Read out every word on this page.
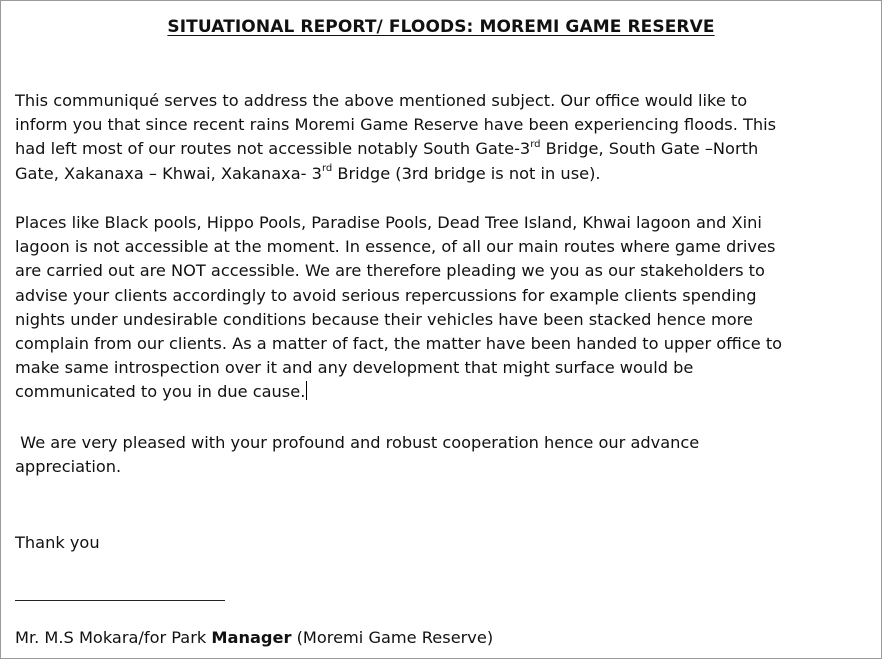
SITUATIONAL REPORT/ FLOODS: MOREMI GAME RESERVE
This communiqué serves to address the above mentioned subject. Our office would like to
inform you that since recent rains Moremi Game Reserve have been experiencing floods. This
had left most of our routes not accessible notably South Gate-3rd Bridge, South Gate –North
Gate, Xakanaxa – Khwai, Xakanaxa- 3rd Bridge (3rd bridge is not in use).
Places like Black pools, Hippo Pools, Paradise Pools, Dead Tree Island, Khwai lagoon and Xini
lagoon is not accessible at the moment. In essence, of all our main routes where game drives
are carried out are NOT accessible. We are therefore pleading we you as our stakeholders to
advise your clients accordingly to avoid serious repercussions for example clients spending
nights under undesirable conditions because their vehicles have been stacked hence more
complain from our clients. As a matter of fact, the matter have been handed to upper office to
make same introspection over it and any development that might surface would be
communicated to you in due cause.
We are very pleased with your profound and robust cooperation hence our advance
appreciation.
Thank you
Mr. M.S Mokara/for Park Manager (Moremi Game Reserve)
